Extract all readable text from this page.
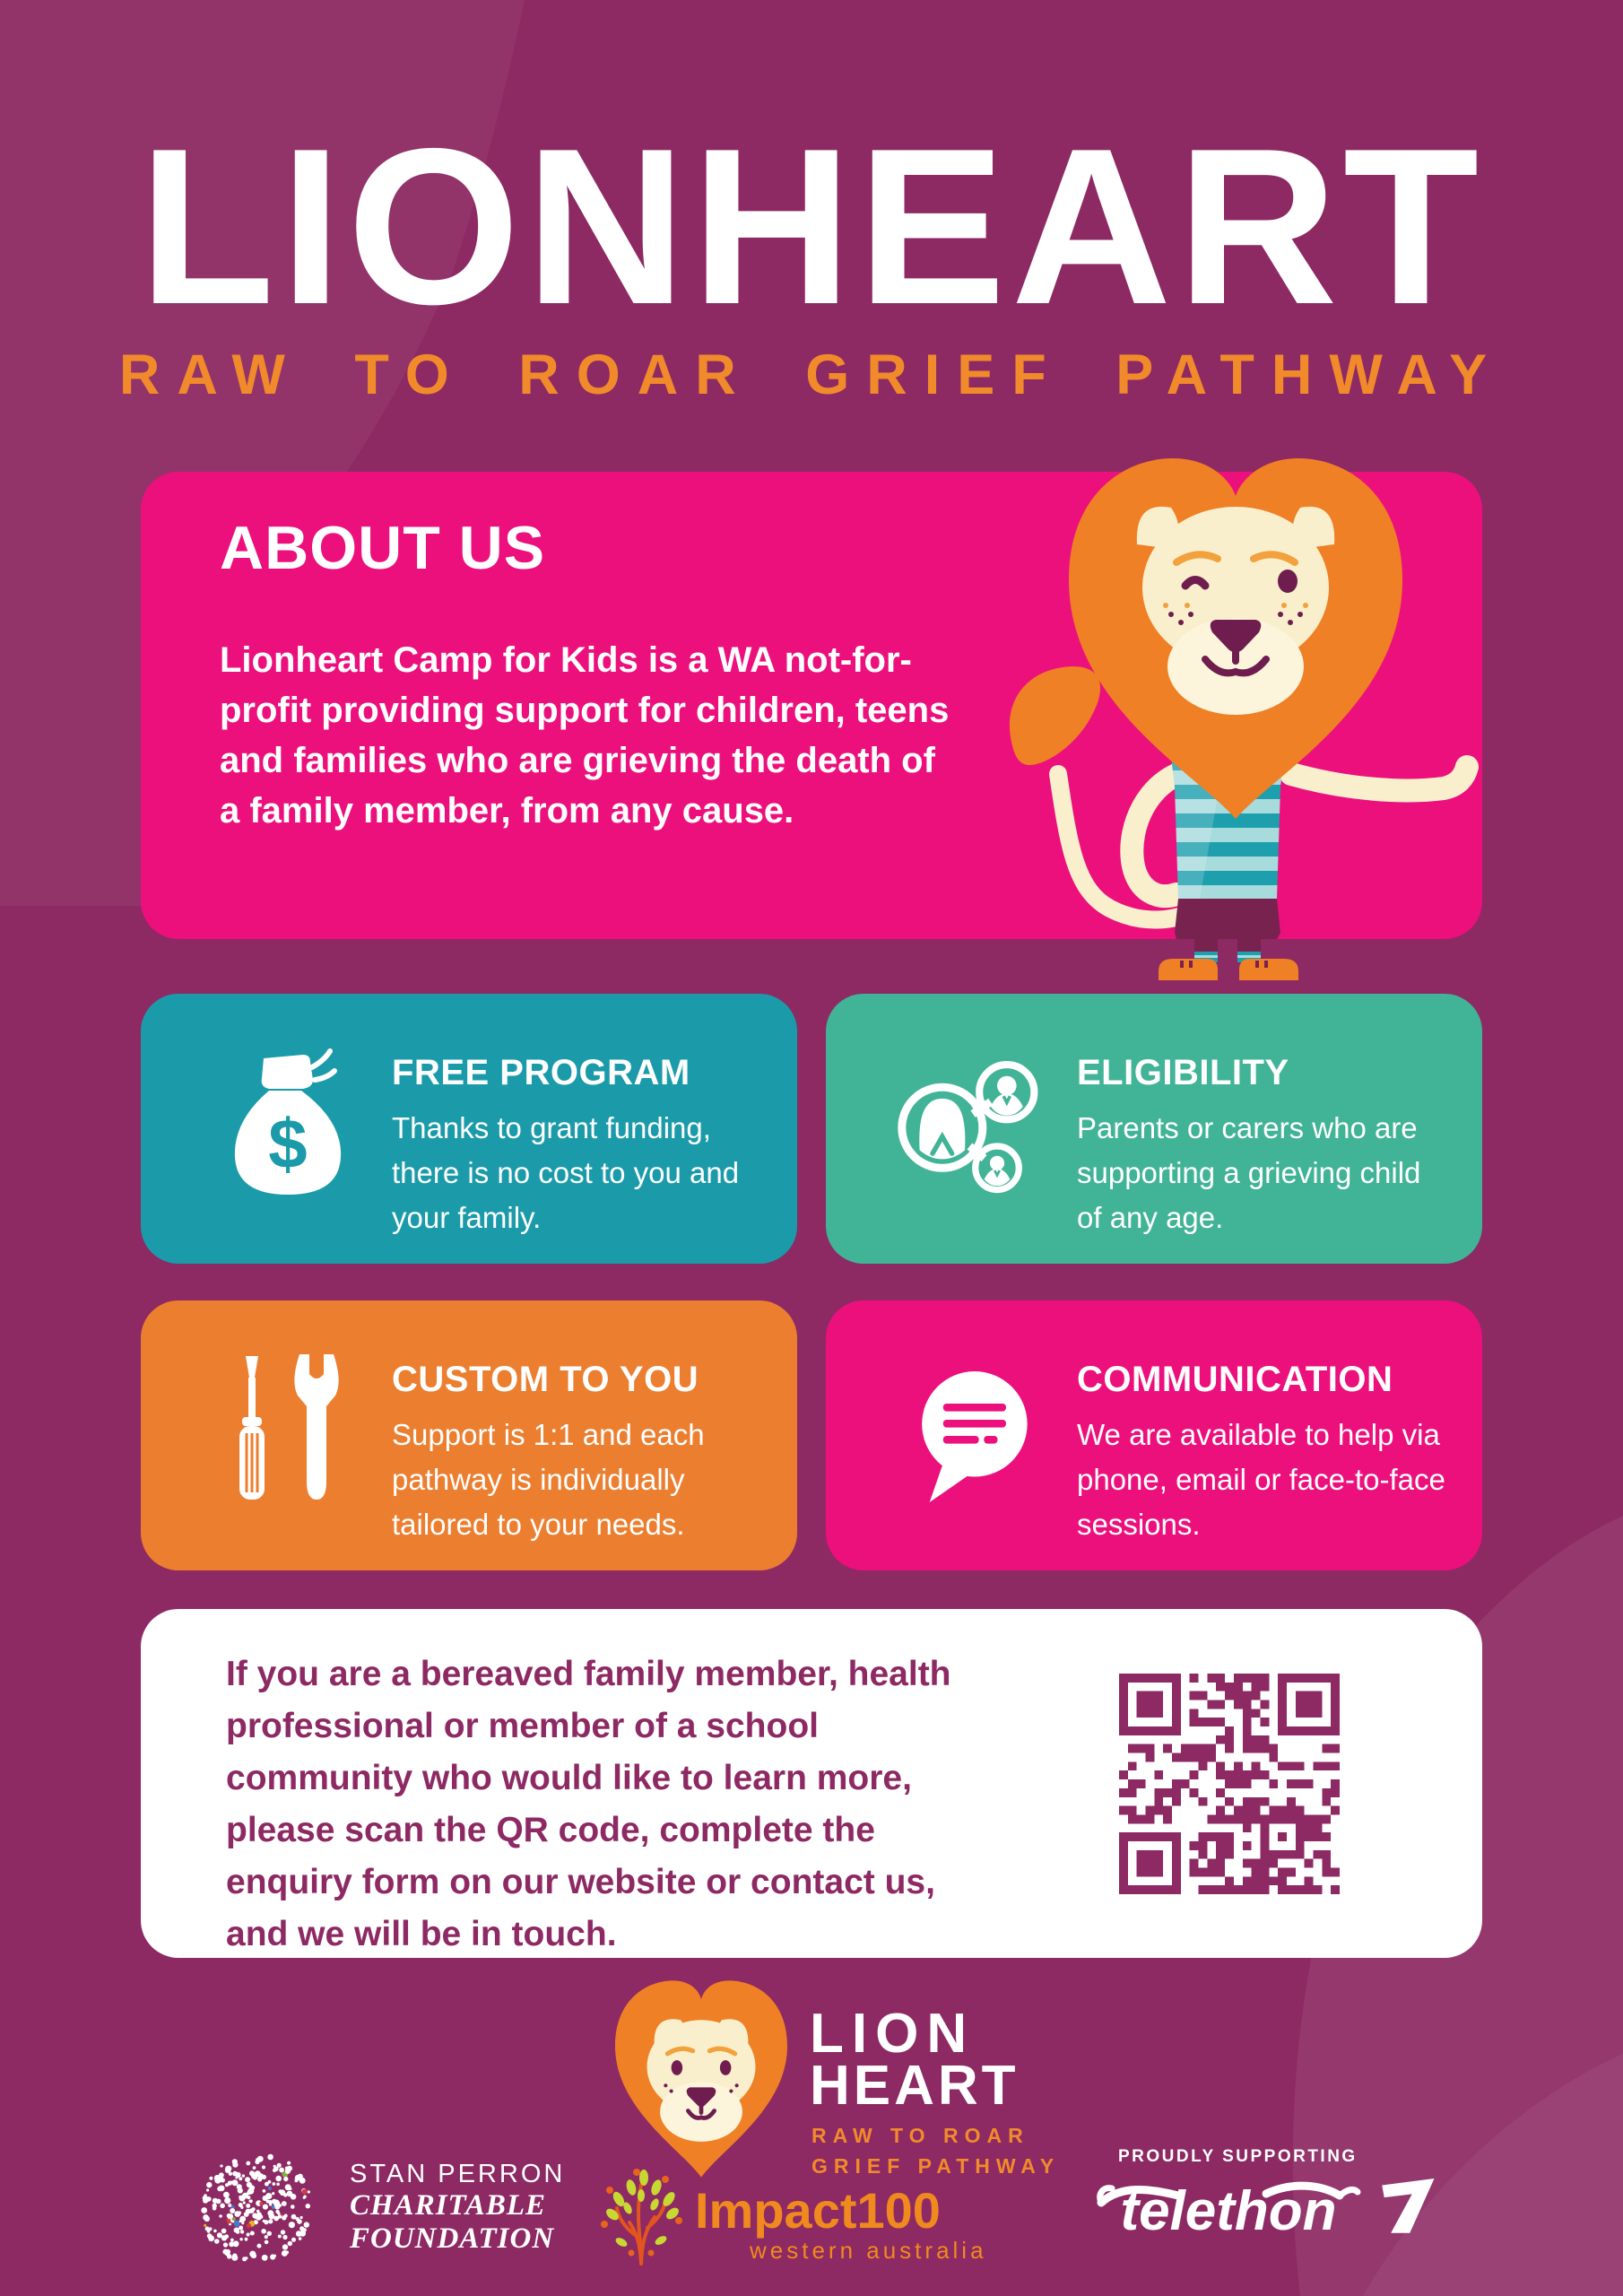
LIONHEART
RAW TO ROAR GRIEF PATHWAY
ABOUT US
Lionheart Camp for Kids is a WA not-for-profit providing support for children, teens and families who are grieving the death of a family member, from any cause.
$

FREE PROGRAM

Thanks to grant funding, there is no cost to you and your family.

ELIGIBILITY

Parents or carers who are supporting a grieving child of any age.

CUSTOM TO YOU

Support is 1:1 and each pathway is individually tailored to your needs.

COMMUNICATION

We are available to help via phone, email or face-to-face sessions.

If you are a bereaved family member, health professional or member of a school community who would like to learn more, please scan the QR code, complete the enquiry form on our website or contact us, and we will be in touch.
LION
HEART
RAW TO ROAR
GRIEF PATHWAY
STAN PERRON
CHARITABLE
FOUNDATION	Impact100
western australia
PROUDLY SUPPORTING
telethon
